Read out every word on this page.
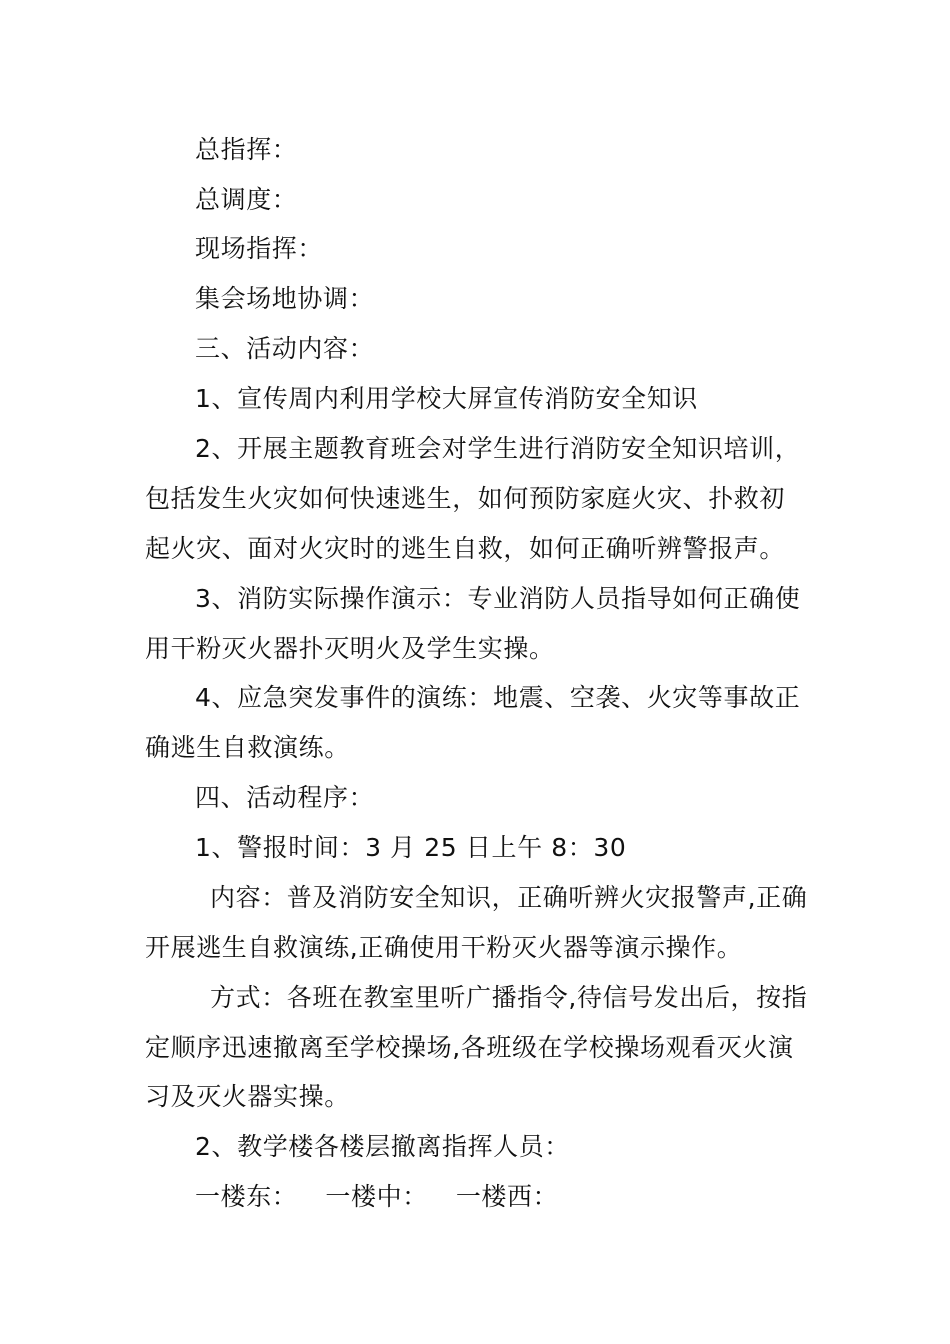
总指挥：
总调度：
现场指挥：
集会场地协调：
三、活动内容：
1、宣传周内利用学校大屏宣传消防安全知识
2、开展主题教育班会对学生进行消防安全知识培训，
包括发生火灾如何快速逃生，如何预防家庭火灾、扑救初
起火灾、面对火灾时的逃生自救，如何正确听辨警报声。
3、消防实际操作演示：专业消防人员指导如何正确使
用干粉灭火器扑灭明火及学生实操。
4、应急突发事件的演练：地震、空袭、火灾等事故正
确逃生自救演练。
四、活动程序：
1、警报时间：3 月 25 日上午 8：30
内容：普及消防安全知识，正确听辨火灾报警声,正确
开展逃生自救演练,正确使用干粉灭火器等演示操作。
方式：各班在教室里听广播指令,待信号发出后，按指
定顺序迅速撤离至学校操场,各班级在学校操场观看灭火演
习及灭火器实操。
2、教学楼各楼层撤离指挥人员：
一楼东： 一楼中： 一楼西：
